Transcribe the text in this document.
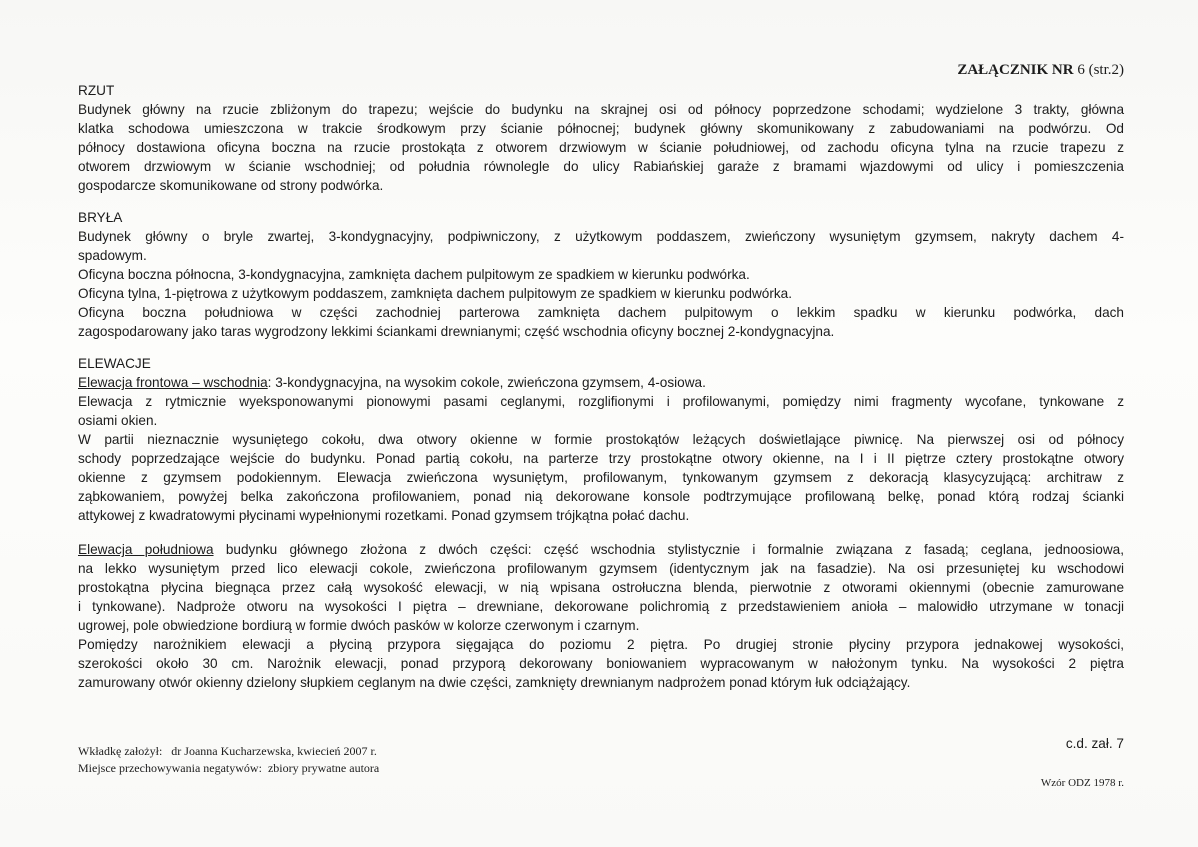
ZAŁĄCZNIK NR 6 (str.2)
RZUT
Budynek główny na rzucie zbliżonym do trapezu; wejście do budynku na skrajnej osi od północy poprzedzone schodami; wydzielone 3 trakty, główna
klatka schodowa umieszczona w trakcie środkowym przy ścianie północnej; budynek główny skomunikowany z zabudowaniami na podwórzu. Od
północy dostawiona oficyna boczna na rzucie prostokąta z otworem drzwiowym w ścianie południowej, od zachodu oficyna tylna na rzucie trapezu z
otworem drzwiowym w ścianie wschodniej; od południa równolegle do ulicy Rabiańskiej garaże z bramami wjazdowymi od ulicy i pomieszczenia
gospodarcze skomunikowane od strony podwórka.
BRYŁA
Budynek główny o bryle zwartej, 3-kondygnacyjny, podpiwniczony, z użytkowym poddaszem, zwieńczony wysuniętym gzymsem, nakryty dachem 4-
spadowym.
Oficyna boczna północna, 3-kondygnacyjna, zamknięta dachem pulpitowym ze spadkiem w kierunku podwórka.
Oficyna tylna, 1-piętrowa z użytkowym poddaszem, zamknięta dachem pulpitowym ze spadkiem w kierunku podwórka.
Oficyna boczna południowa w części zachodniej parterowa zamknięta dachem pulpitowym o lekkim spadku w kierunku podwórka, dach
zagospodarowany jako taras wygrodzony lekkimi ściankami drewnianymi; część wschodnia oficyny bocznej 2-kondygnacyjna.
ELEWACJE
Elewacja frontowa – wschodnia: 3-kondygnacyjna, na wysokim cokole, zwieńczona gzymsem, 4-osiowa.
Elewacja z rytmicznie wyeksponowanymi pionowymi pasami ceglanymi, rozglifionymi i profilowanymi, pomiędzy nimi fragmenty wycofane, tynkowane z
osiami okien.
W partii nieznacznie wysuniętego cokołu, dwa otwory okienne w formie prostokątów leżących doświetlające piwnicę. Na pierwszej osi od północy
schody poprzedzające wejście do budynku. Ponad partią cokołu, na parterze trzy prostokątne otwory okienne, na I i II piętrze cztery prostokątne otwory
okienne z gzymsem podokiennym. Elewacja zwieńczona wysuniętym, profilowanym, tynkowanym gzymsem z dekoracją klasycyzującą: architraw z
ząbkowaniem, powyżej belka zakończona profilowaniem, ponad nią dekorowane konsole podtrzymujące profilowaną belkę, ponad którą rodzaj ścianki
attykowej z kwadratowymi płycinami wypełnionymi rozetkami. Ponad gzymsem trójkątna połać dachu.
Elewacja południowa budynku głównego złożona z dwóch części: część wschodnia stylistycznie i formalnie związana z fasadą; ceglana, jednoosiowa,
na lekko wysuniętym przed lico elewacji cokole, zwieńczona profilowanym gzymsem (identycznym jak na fasadzie). Na osi przesuniętej ku wschodowi
prostokątna płycina biegnąca przez całą wysokość elewacji, w nią wpisana ostrołuczna blenda, pierwotnie z otworami okiennymi (obecnie zamurowane
i tynkowane). Nadproże otworu na wysokości I piętra – drewniane, dekorowane polichromią z przedstawieniem anioła – malowidło utrzymane w tonacji
ugrowej, pole obwiedzione bordiurą w formie dwóch pasków w kolorze czerwonym i czarnym.
Pomiędzy narożnikiem elewacji a płyciną przypora sięgająca do poziomu 2 piętra. Po drugiej stronie płyciny przypora jednakowej wysokości,
szerokości około 30 cm. Narożnik elewacji, ponad przyporą dekorowany boniowaniem wypracowanym w nałożonym tynku. Na wysokości 2 piętra
zamurowany otwór okienny dzielony słupkiem ceglanym na dwie części, zamknięty drewnianym nadprożem ponad którym łuk odciążający.
c.d. zał. 7
Wkładkę założył: dr Joanna Kucharzewska, kwiecień 2007 r.
Miejsce przechowywania negatywów: zbiory prywatne autora
Wzór ODZ 1978 r.
